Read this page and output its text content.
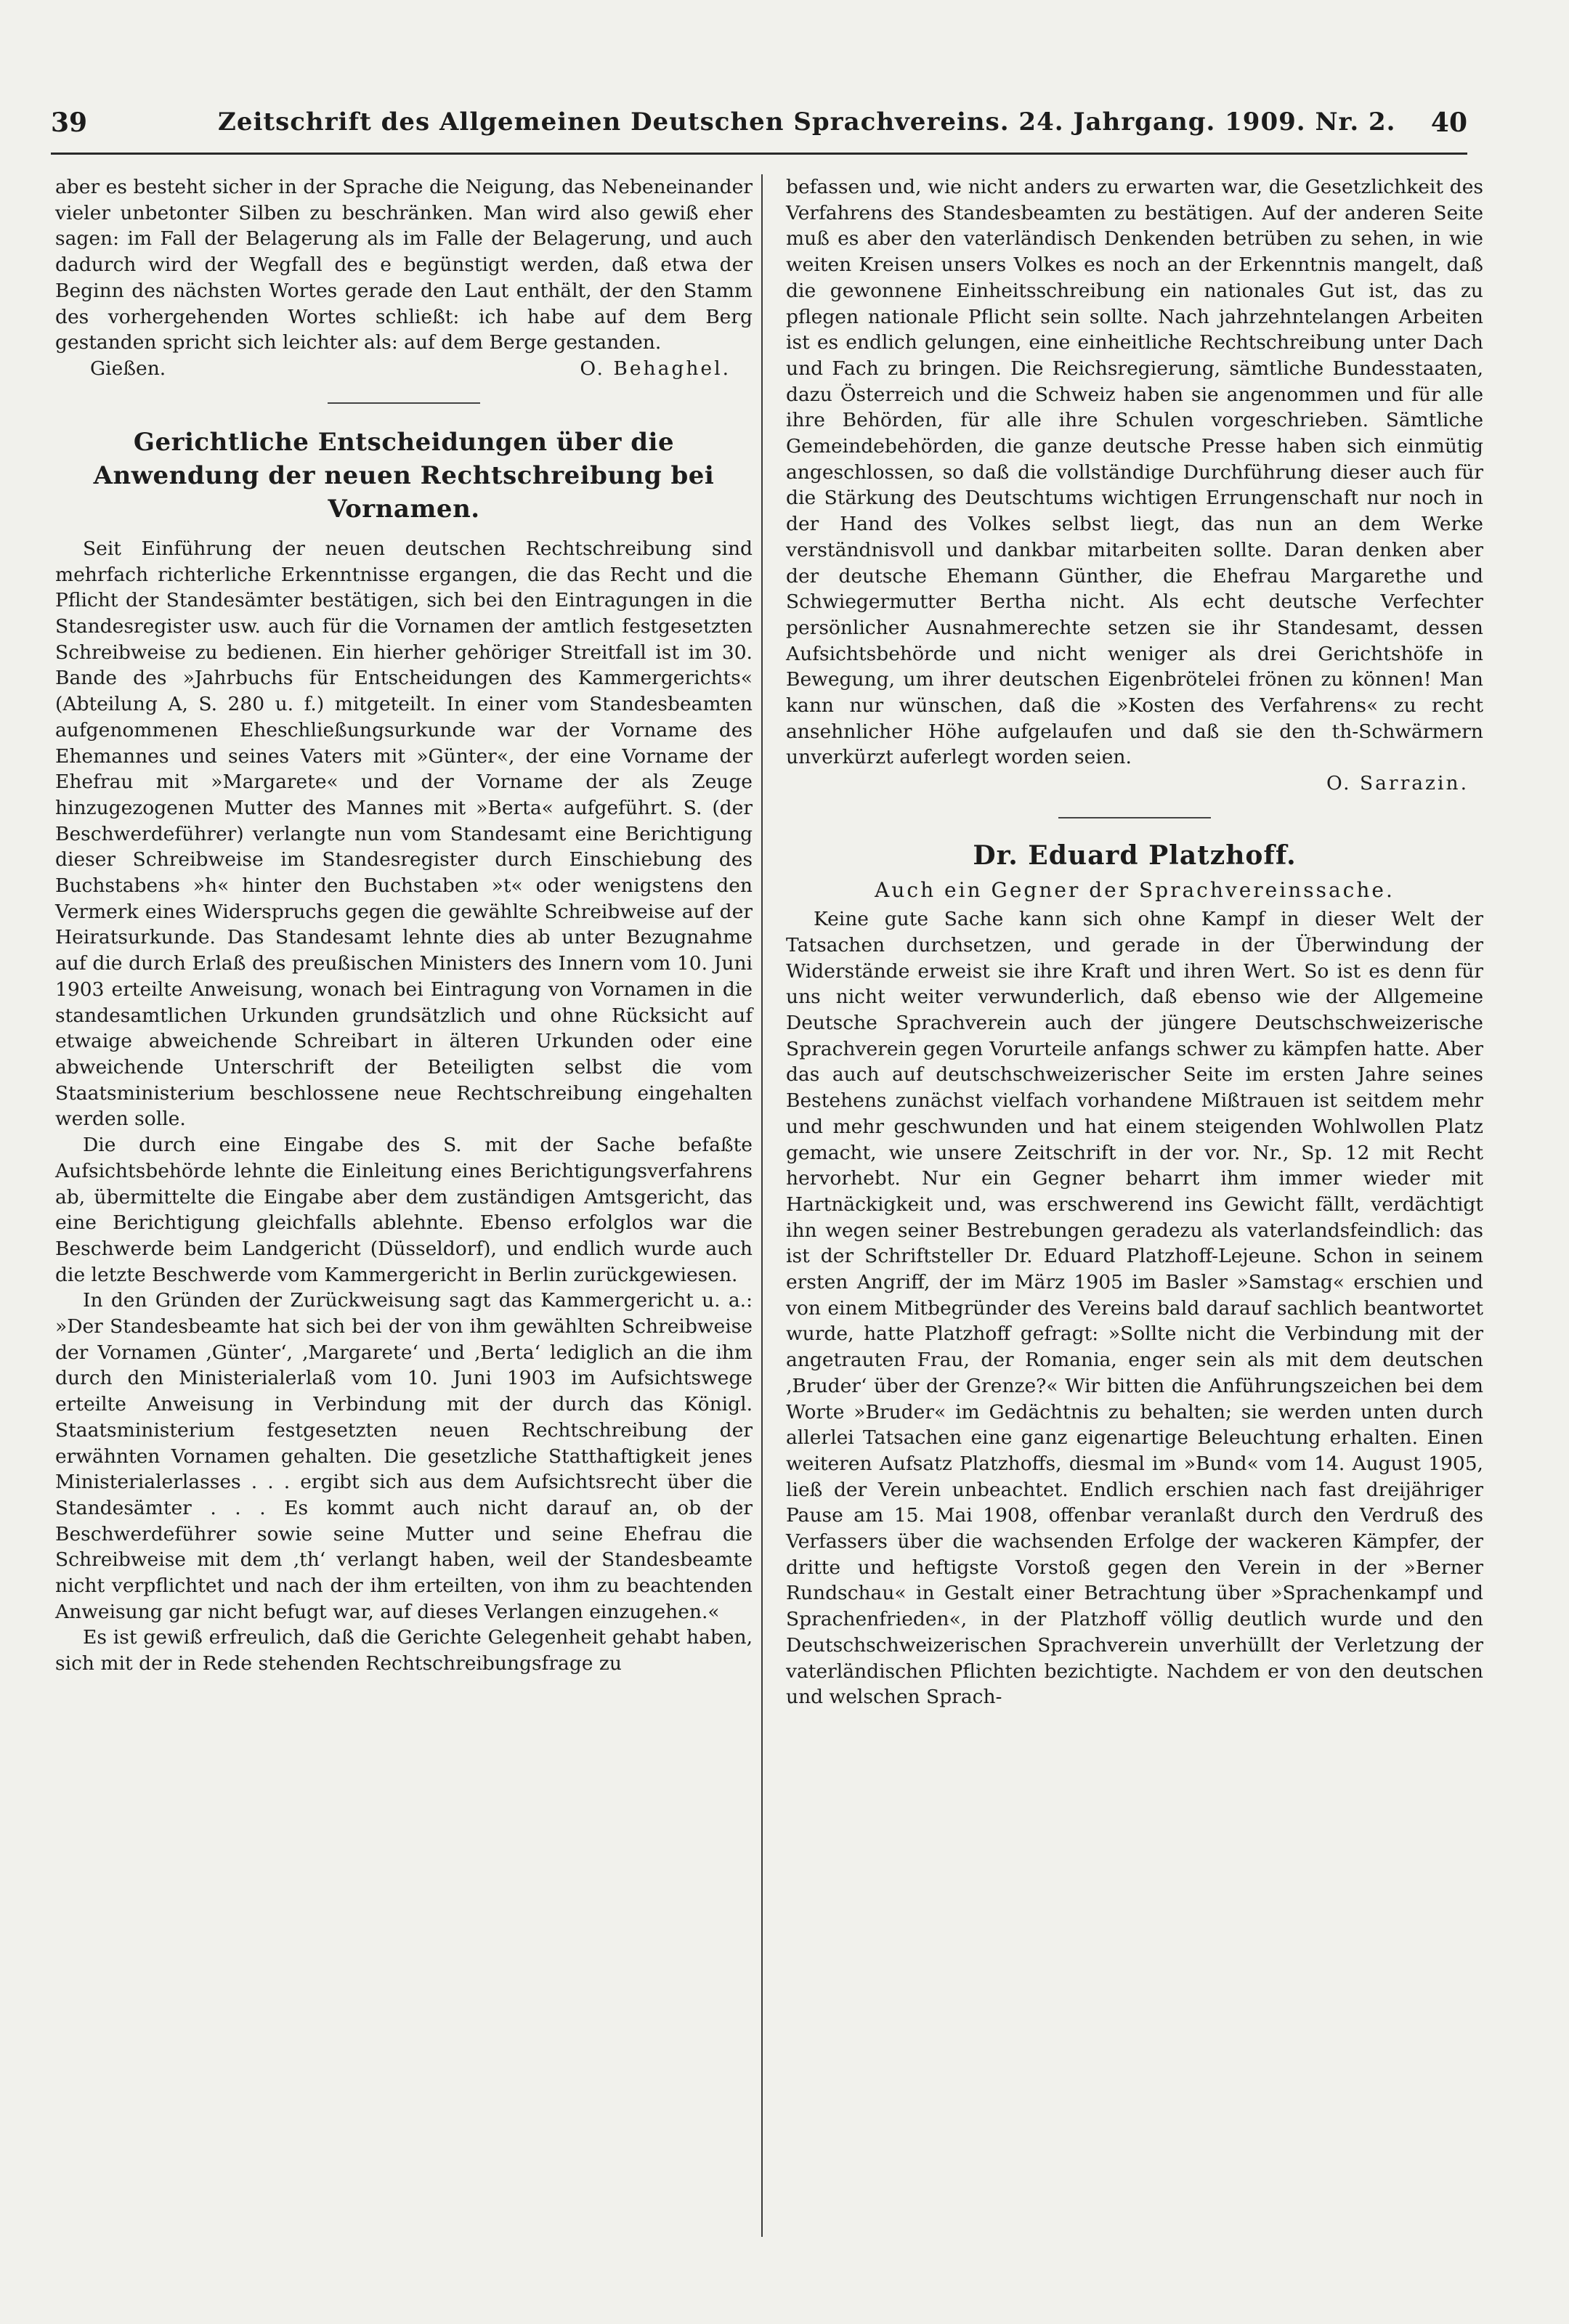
39	Zeitschrift des Allgemeinen Deutschen Sprachvereins. 24. Jahrgang. 1909. Nr. 2. 40

aber es besteht sicher in der Sprache die Neigung, das Nebeneinander vieler unbetonter Silben zu beschränken. Man wird also gewiß eher sagen: im Fall der Belagerung als im Falle der Belagerung, und auch dadurch wird der Wegfall des e begünstigt werden, daß etwa der Beginn des nächsten Wortes gerade den Laut enthält, der den Stamm des vorhergehenden Wortes schließt: ich habe auf dem Berg gestanden spricht sich leichter als: auf dem Berge gestanden.

Gießen.	O. Behaghel.
Gerichtliche Entscheidungen über die Anwendung der neuen Rechtschreibung bei Vornamen.

Seit Einführung der neuen deutschen Rechtschreibung sind mehrfach richterliche Erkenntnisse ergangen, die das Recht und die Pflicht der Standesämter bestätigen, sich bei den Eintragungen in die Standesregister usw. auch für die Vornamen der amtlich festgesetzten Schreibweise zu bedienen. Ein hierher gehöriger Streitfall ist im 30. Bande des »Jahrbuchs für Entscheidungen des Kammergerichts« (Abteilung A, S. 280 u. f.) mitgeteilt. In einer vom Standesbeamten aufgenommenen Eheschließungsurkunde war der Vorname des Ehemannes und seines Vaters mit »Günter«, der eine Vorname der Ehefrau mit »Margarete« und der Vorname der als Zeuge hinzugezogenen Mutter des Mannes mit »Berta« aufgeführt. S. (der Beschwerdeführer) verlangte nun vom Standesamt eine Berichtigung dieser Schreibweise im Standesregister durch Einschiebung des Buchstabens »h« hinter den Buchstaben »t« oder wenigstens den Vermerk eines Widerspruchs gegen die gewählte Schreibweise auf der Heiratsurkunde. Das Standesamt lehnte dies ab unter Bezugnahme auf die durch Erlaß des preußischen Ministers des Innern vom 10. Juni 1903 erteilte Anweisung, wonach bei Eintragung von Vornamen in die standesamtlichen Urkunden grundsätzlich und ohne Rücksicht auf etwaige abweichende Schreibart in älteren Urkunden oder eine abweichende Unterschrift der Beteiligten selbst die vom Staatsministerium beschlossene neue Rechtschreibung eingehalten werden solle.

Die durch eine Eingabe des S. mit der Sache befaßte Aufsichtsbehörde lehnte die Einleitung eines Berichtigungsverfahrens ab, übermittelte die Eingabe aber dem zuständigen Amtsgericht, das eine Berichtigung gleichfalls ablehnte. Ebenso erfolglos war die Beschwerde beim Landgericht (Düsseldorf), und endlich wurde auch die letzte Beschwerde vom Kammergericht in Berlin zurückgewiesen.

In den Gründen der Zurückweisung sagt das Kammergericht u. a.: »Der Standesbeamte hat sich bei der von ihm gewählten Schreibweise der Vornamen ‚Günter‘, ‚Margarete‘ und ‚Berta‘ lediglich an die ihm durch den Ministerialerlaß vom 10. Juni 1903 im Aufsichtswege erteilte Anweisung in Verbindung mit der durch das Königl. Staatsministerium festgesetzten neuen Rechtschreibung der erwähnten Vornamen gehalten. Die gesetzliche Statthaftigkeit jenes Ministerialerlasses . . . ergibt sich aus dem Aufsichtsrecht über die Standesämter . . . Es kommt auch nicht darauf an, ob der Beschwerdeführer sowie seine Mutter und seine Ehefrau die Schreibweise mit dem ‚th‘ verlangt haben, weil der Standesbeamte nicht verpflichtet und nach der ihm erteilten, von ihm zu beachtenden Anweisung gar nicht befugt war, auf dieses Verlangen einzugehen.«

Es ist gewiß erfreulich, daß die Gerichte Gelegenheit gehabt haben, sich mit der in Rede stehenden Rechtschreibungsfrage zu

befassen und, wie nicht anders zu erwarten war, die Gesetzlichkeit des Verfahrens des Standesbeamten zu bestätigen. Auf der anderen Seite muß es aber den vaterländisch Denkenden betrüben zu sehen, in wie weiten Kreisen unsers Volkes es noch an der Erkenntnis mangelt, daß die gewonnene Einheitsschreibung ein nationales Gut ist, das zu pflegen nationale Pflicht sein sollte. Nach jahrzehntelangen Arbeiten ist es endlich gelungen, eine einheitliche Rechtschreibung unter Dach und Fach zu bringen. Die Reichsregierung, sämtliche Bundesstaaten, dazu Österreich und die Schweiz haben sie angenommen und für alle ihre Behörden, für alle ihre Schulen vorgeschrieben. Sämtliche Gemeindebehörden, die ganze deutsche Presse haben sich einmütig angeschlossen, so daß die vollständige Durchführung dieser auch für die Stärkung des Deutschtums wichtigen Errungenschaft nur noch in der Hand des Volkes selbst liegt, das nun an dem Werke verständnisvoll und dankbar mitarbeiten sollte. Daran denken aber der deutsche Ehemann Günther, die Ehefrau Margarethe und Schwiegermutter Bertha nicht. Als echt deutsche Verfechter persönlicher Ausnahmerechte setzen sie ihr Standesamt, dessen Aufsichtsbehörde und nicht weniger als drei Gerichtshöfe in Bewegung, um ihrer deutschen Eigenbrötelei frönen zu können! Man kann nur wünschen, daß die »Kosten des Verfahrens« zu recht ansehnlicher Höhe aufgelaufen und daß sie den th-Schwärmern unverkürzt auferlegt worden seien.

O. Sarrazin.
Dr. Eduard Platzhoff.
Auch ein Gegner der Sprachvereinssache.

Keine gute Sache kann sich ohne Kampf in dieser Welt der Tatsachen durchsetzen, und gerade in der Überwindung der Widerstände erweist sie ihre Kraft und ihren Wert. So ist es denn für uns nicht weiter verwunderlich, daß ebenso wie der Allgemeine Deutsche Sprachverein auch der jüngere Deutschschweizerische Sprachverein gegen Vorurteile anfangs schwer zu kämpfen hatte. Aber das auch auf deutschschweizerischer Seite im ersten Jahre seines Bestehens zunächst vielfach vorhandene Mißtrauen ist seitdem mehr und mehr geschwunden und hat einem steigenden Wohlwollen Platz gemacht, wie unsere Zeitschrift in der vor. Nr., Sp. 12 mit Recht hervorhebt. Nur ein Gegner beharrt ihm immer wieder mit Hartnäckigkeit und, was erschwerend ins Gewicht fällt, verdächtigt ihn wegen seiner Bestrebungen geradezu als vaterlandsfeindlich: das ist der Schriftsteller Dr. Eduard Platzhoff-Lejeune. Schon in seinem ersten Angriff, der im März 1905 im Basler »Samstag« erschien und von einem Mitbegründer des Vereins bald darauf sachlich beantwortet wurde, hatte Platzhoff gefragt: »Sollte nicht die Verbindung mit der angetrauten Frau, der Romania, enger sein als mit dem deutschen ‚Bruder‘ über der Grenze?« Wir bitten die Anführungszeichen bei dem Worte »Bruder« im Gedächtnis zu behalten; sie werden unten durch allerlei Tatsachen eine ganz eigenartige Beleuchtung erhalten. Einen weiteren Aufsatz Platzhoffs, diesmal im »Bund« vom 14. August 1905, ließ der Verein unbeachtet. Endlich erschien nach fast dreijähriger Pause am 15. Mai 1908, offenbar veranlaßt durch den Verdruß des Verfassers über die wachsenden Erfolge der wackeren Kämpfer, der dritte und heftigste Vorstoß gegen den Verein in der »Berner Rundschau« in Gestalt einer Betrachtung über »Sprachenkampf und Sprachenfrieden«, in der Platzhoff völlig deutlich wurde und den Deutschschweizerischen Sprachverein unverhüllt der Verletzung der vaterländischen Pflichten bezichtigte. Nachdem er von den deutschen und welschen Sprach-
